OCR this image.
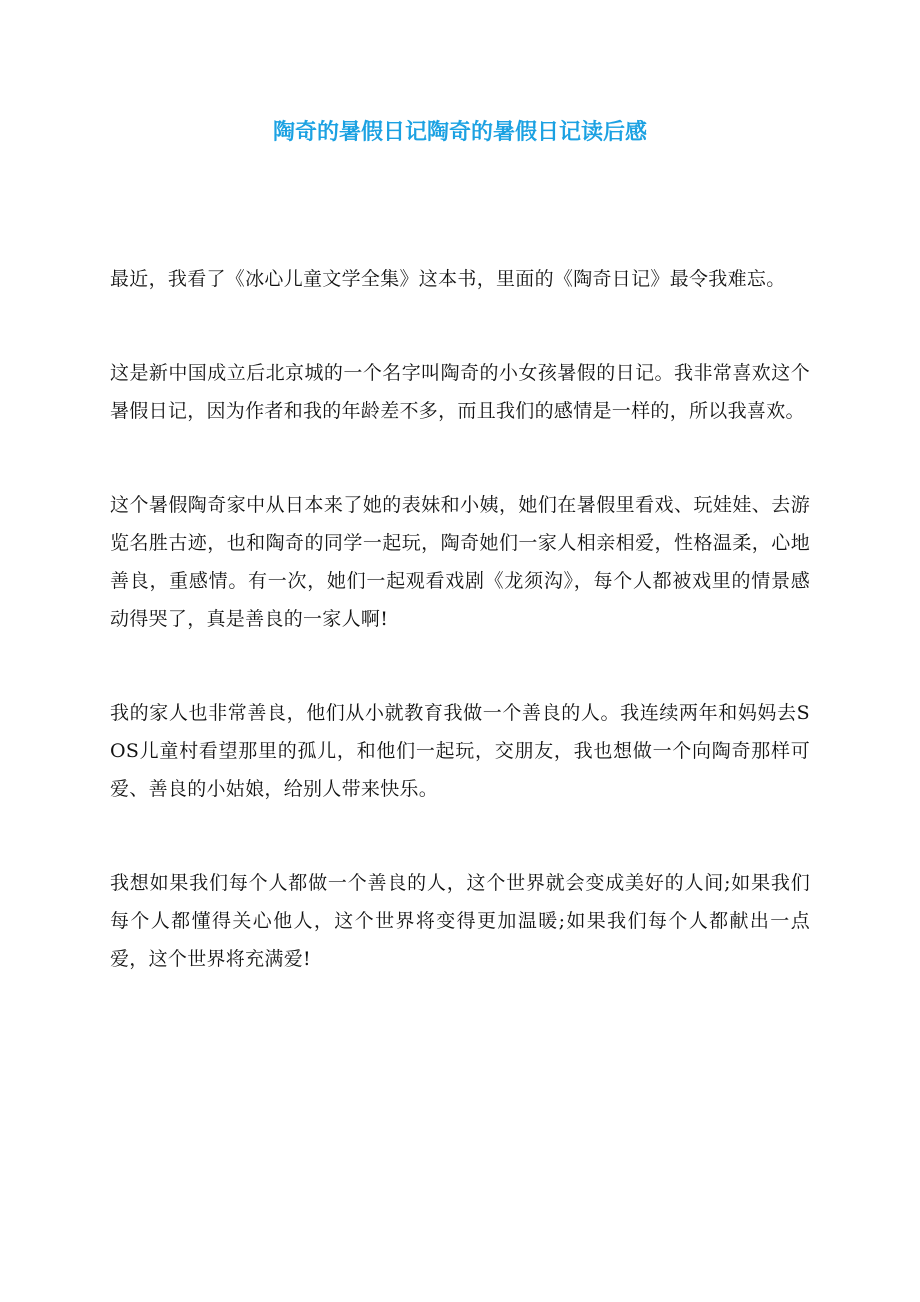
陶奇的暑假日记陶奇的暑假日记读后感

最近，我看了《冰心儿童文学全集》这本书，里面的《陶奇日记》最令我难忘。

这是新中国成立后北京城的一个名字叫陶奇的小女孩暑假的日记。我非常喜欢这个暑假日记，因为作者和我的年龄差不多，而且我们的感情是一样的，所以我喜欢。

这个暑假陶奇家中从日本来了她的表妹和小姨，她们在暑假里看戏、玩娃娃、去游览名胜古迹，也和陶奇的同学一起玩，陶奇她们一家人相亲相爱，性格温柔，心地善良，重感情。有一次，她们一起观看戏剧《龙须沟》，每个人都被戏里的情景感动得哭了，真是善良的一家人啊!

我的家人也非常善良，他们从小就教育我做一个善良的人。我连续两年和妈妈去SOS儿童村看望那里的孤儿，和他们一起玩，交朋友，我也想做一个向陶奇那样可爱、善良的小姑娘，给别人带来快乐。

我想如果我们每个人都做一个善良的人，这个世界就会变成美好的人间;如果我们每个人都懂得关心他人，这个世界将变得更加温暖;如果我们每个人都献出一点爱，这个世界将充满爱!
